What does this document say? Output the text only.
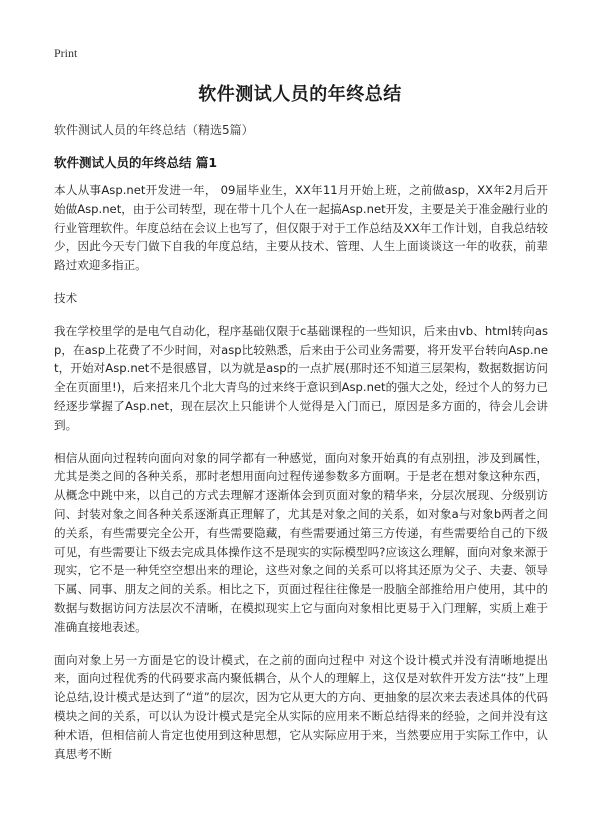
Print
软件测试人员的年终总结

软件测试人员的年终总结（精选5篇）

软件测试人员的年终总结 篇1

本人从事Asp.net开发进一年， 09届毕业生，XX年11月开始上班，之前做asp，XX年2月后开始做Asp.net，由于公司转型，现在带十几个人在一起搞Asp.net开发，主要是关于准金融行业的行业管理软件。年度总结在会议上也写了，但仅限于对于工作总结及XX年工作计划，自我总结较少，因此今天专门做下自我的年度总结，主要从技术、管理、人生上面谈谈这一年的收获，前辈路过欢迎多指正。

技术

我在学校里学的是电气自动化，程序基础仅限于c基础课程的一些知识，后来由vb、html转向asp，在asp上花费了不少时间，对asp比较熟悉，后来由于公司业务需要，将开发平台转向Asp.net，开始对Asp.net不是很感冒，以为就是asp的一点扩展(那时还不知道三层架构，数据数据访问全在页面里!)，后来招来几个北大青鸟的过来终于意识到Asp.net的强大之处，经过个人的努力已经逐步掌握了Asp.net，现在层次上只能讲个人觉得是入门而已，原因是多方面的，待会儿会讲到。

相信从面向过程转向面向对象的同学都有一种感觉，面向对象开始真的有点别扭，涉及到属性，尤其是类之间的各种关系，那时老想用面向过程传递参数多方面啊。于是老在想对象这种东西，从概念中跳中来，以自己的方式去理解才逐渐体会到页面对象的精华来，分层次展现、分级别访问、封装对象之间各种关系逐渐真正理解了，尤其是对象之间的关系，如对象a与对象b两者之间的关系，有些需要完全公开，有些需要隐藏，有些需要通过第三方传递，有些需要给自己的下级可见，有些需要让下级去完成具体操作这不是现实的实际模型吗?应该这么理解，面向对象来源于现实，它不是一种凭空空想出来的理论，这些对象之间的关系可以将其还原为父子、夫妻、领导下属、同事、朋友之间的关系。相比之下，页面过程往往像是一股脑全部推给用户使用，其中的数据与数据访问方法层次不清晰，在模拟现实上它与面向对象相比更易于入门理解，实质上难于准确直接地表述。

面向对象上另一方面是它的设计模式，在之前的面向过程中 对这个设计模式并没有清晰地提出来，面向过程优秀的代码要求高内聚低耦合，从个人的理解上，这仅是对软件开发方法“技”上理论总结,设计模式是达到了“道”的层次，因为它从更大的方向、更抽象的层次来去表述具体的代码模块之间的关系，可以认为设计模式是完全从实际的应用来不断总结得来的经验，之间并没有这种术语，但相信前人肯定也使用到这种思想，它从实际应用于来，当然要应用于实际工作中，认真思考不断
